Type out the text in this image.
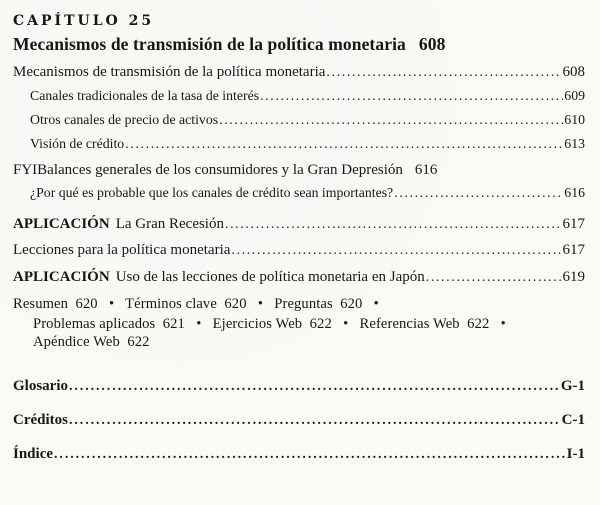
CAPÍTULO 25
Mecanismos de transmisión de la política monetaria 608
Mecanismos de transmisión de la política monetaria .....	608
Canales tradicionales de la tasa de interés .....	609
Otros canales de precio de activos .....	610
Visión de crédito .....	613
FYIBalances generales de los consumidores y la Gran Depresión 616
¿Por qué es probable que los canales de crédito sean importantes? .....	616
APLICACIÓN La Gran Recesión .....	617
Lecciones para la política monetaria .....	617
APLICACIÓN Uso de las lecciones de política monetaria en Japón .....	619
Resumen  620   •   Términos clave  620   •   Preguntas  620   •
Problemas aplicados  621   •   Ejercicios Web  622   •   Referencias Web  622   •
Apéndice Web  622
Glosario .....	G-1
Créditos .....	C-1
Índice .....	I-1
